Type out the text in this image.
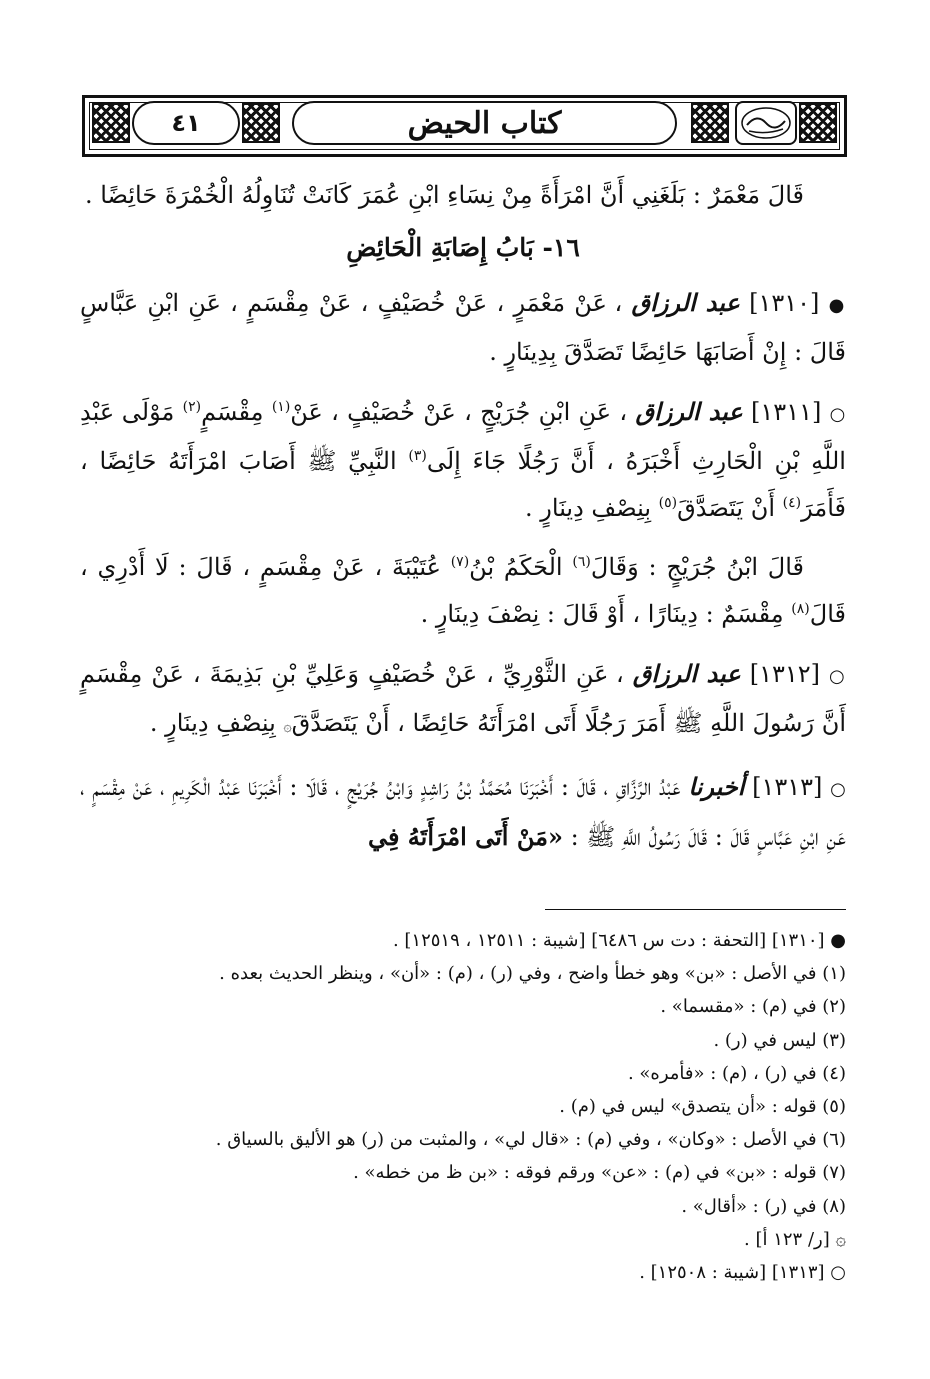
٤١	كتاب الحيض

قَالَ مَعْمَرٌ : بَلَغَنِي أَنَّ امْرَأَةً مِنْ نِسَاءِ ابْنِ عُمَرَ كَانَتْ تُنَاوِلُهُ الْخُمْرَةَ حَائِضًا .

١٦- بَابُ إِصَابَةِ الْحَائِضِ

● [١٣١٠] عبد الرزاق ، عَنْ مَعْمَرٍ ، عَنْ خُصَيْفٍ ، عَنْ مِقْسَمٍ ، عَنِ ابْنِ عَبَّاسٍ قَالَ : إِنْ أَصَابَهَا حَائِضًا تَصَدَّقَ بِدِينَارٍ .

○ [١٣١١] عبد الرزاق ، عَنِ ابْنِ جُرَيْجٍ ، عَنْ خُصَيْفٍ ، عَنْ$^{(١)}$ مِقْسَمٍ$^{(٢)}$ مَوْلَى عَبْدِ اللَّهِ بْنِ الْحَارِثِ أَخْبَرَهُ ، أَنَّ رَجُلًا جَاءَ إِلَى$^{(٣)}$ النَّبِيِّ ﷺ أَصَابَ امْرَأَتَهُ حَائِضًا ، فَأَمَرَ$^{(٤)}$ أَنْ يَتَصَدَّقَ$^{(٥)}$ بِنِصْفِ دِينَارٍ .

قَالَ ابْنُ جُرَيْجٍ : وَقَالَ$^{(٦)}$ الْحَكَمُ بْنُ$^{(٧)}$ عُتَيْبَةَ ، عَنْ مِقْسَمٍ ، قَالَ : لَا أَدْرِي ، قَالَ$^{(٨)}$ مِقْسَمٌ : دِينَارًا ، أَوْ قَالَ : نِصْفَ دِينَارٍ .

○ [١٣١٢] عبد الرزاق ، عَنِ الثَّوْرِيِّ ، عَنْ خُصَيْفٍ وَعَلِيِّ بْنِ بَذِيمَةَ ، عَنْ مِقْسَمٍ أَنَّ رَسُولَ اللَّهِ ﷺ أَمَرَ رَجُلًا أَتَى امْرَأَتَهُ حَائِضًا ، أَنْ يَتَصَدَّقَ۞ بِنِصْفِ دِينَارٍ .

○ [١٣١٣] أخبرنا عَبْدُ الرَّزَّاقِ ، قَالَ : أَخْبَرَنَا مُحَمَّدُ بْنُ رَاشِدٍ وَابْنُ جُرَيْجٍ ، قَالَا : أَخْبَرَنَا عَبْدُ الْكَرِيمِ ، عَنْ مِقْسَمٍ ، عَنِ ابْنِ عَبَّاسٍ قَالَ : قَالَ رَسُولُ اللَّهِ ﷺ : «مَنْ أَتَى امْرَأَتَهُ فِي

● [١٣١٠] [التحفة : دت س ٦٤٨٦] [شيبة : ١٢٥١١ ، ١٢٥١٩] .

(١) في الأصل : «بن» وهو خطأ واضح ، وفي (ر) ، (م) : «أن» ، وينظر الحديث بعده .

(٢) في (م) : «مقسما» .

(٣) ليس في (ر) .

(٤) في (ر) ، (م) : «فأمره» .

(٥) قوله : «أن يتصدق» ليس في (م) .

(٦) في الأصل : «وكان» ، وفي (م) : «قال لي» ، والمثبت من (ر) هو الأليق بالسياق .

(٧) قوله : «بن» في (م) : «عن» ورقم فوقه : «بن ظ من خطه» .

(٨) في (ر) : «أقال» .

۞ [ر/ ١٢٣ أ] .

○ [١٣١٣] [شيبة : ١٢٥٠٨] .
